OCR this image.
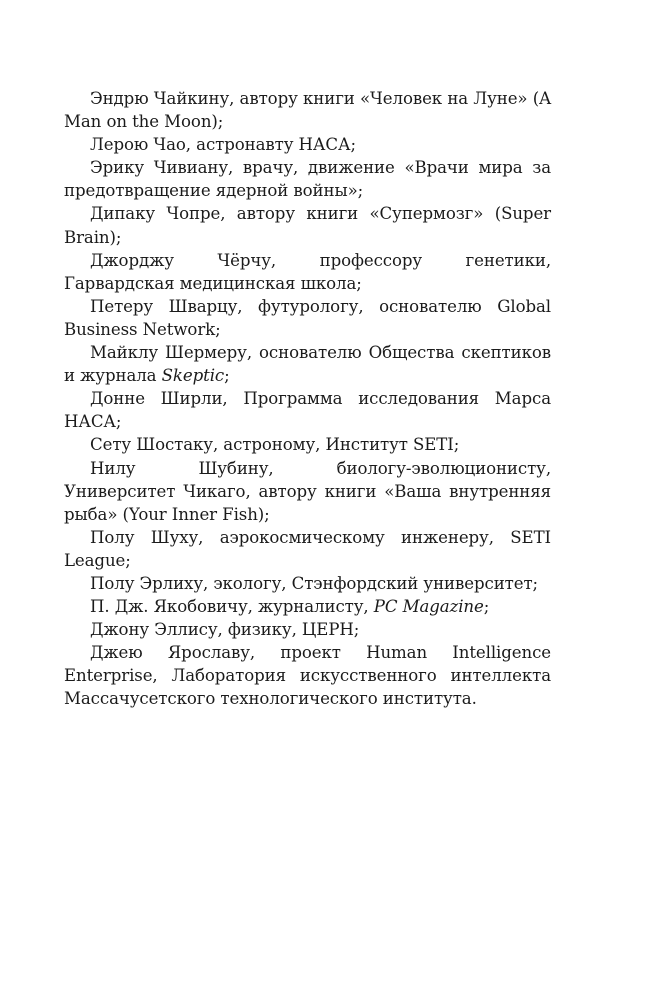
Эндрю Чайкину, автору книги «Человек на Луне» (A Man on the Moon);

Лерою Чао, астронавту НАСА;

Эрику Чивиану, врачу, движение «Врачи мира за предотвращение ядерной войны»;

Дипаку Чопре, автору книги «Супермозг» (Super Brain);

Джорджу Чёрчу, профессору генетики, Гарвардская медицинская школа;

Петеру Шварцу, футурологу, основателю Global Business Network;

Майклу Шермеру, основателю Общества скептиков и журнала Skeptic;

Донне Ширли, Программа исследования Марса НАСА;

Сету Шостаку, астроному, Институт SETI;

Нилу Шубину, биологу-эволюционисту, Университет Чикаго, автору книги «Ваша внутренняя рыба» (Your Inner Fish);

Полу Шуху, аэрокосмическому инженеру, SETI League;

Полу Эрлиху, экологу, Стэнфордский университет;

П. Дж. Якобовичу, журналисту, PC Magazine;

Джону Эллису, физику, ЦЕРН;

Джею Ярославу, проект Human Intelligence Enterprise, Лаборатория искусственного интеллекта Массачусетского технологического института.
